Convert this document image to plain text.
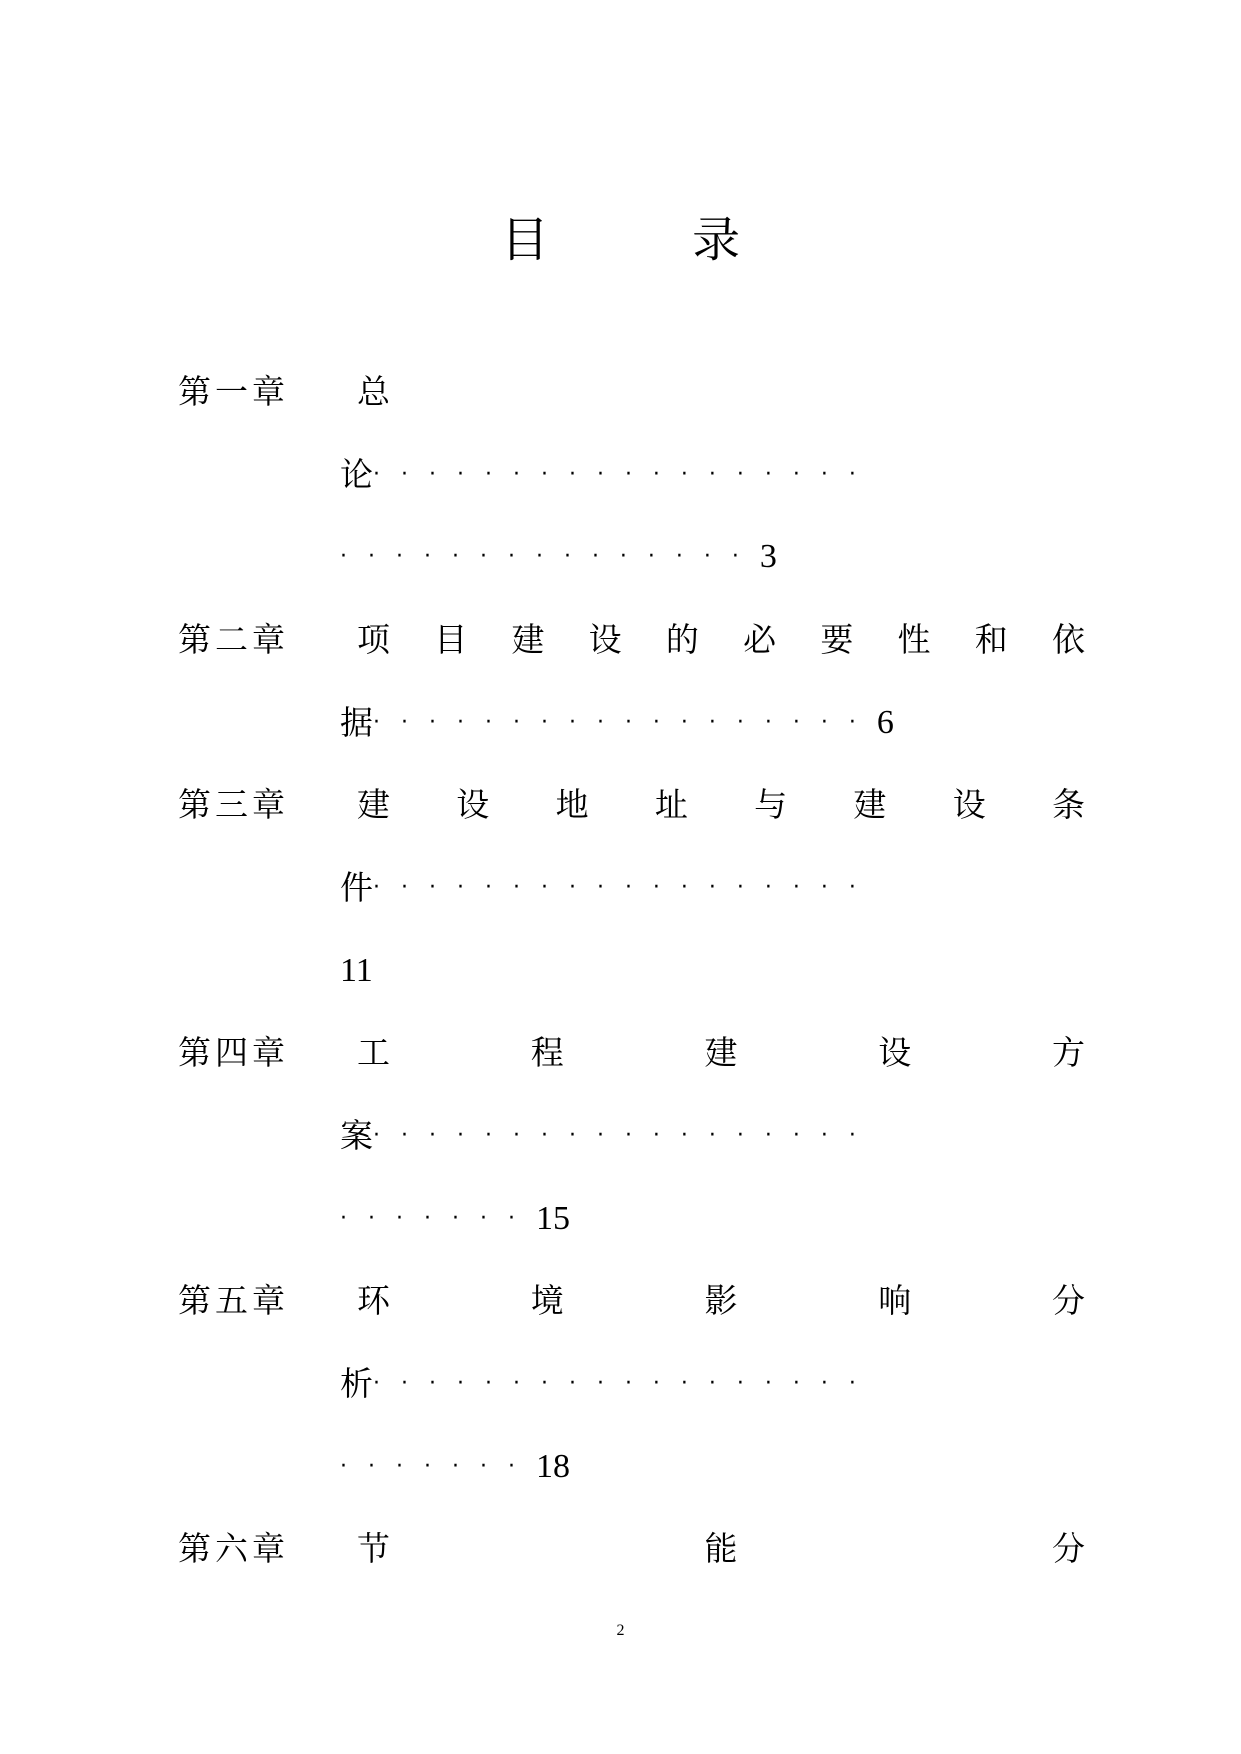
目 录
第一章 总
论 ··················
··············· 3
第二章 项 目 建 设 的 必 要 性 和 依
据 ·················· 6
第三章 建 设 地 址 与 建 设 条
件 ··················
11
第四章 工	程	建	设	方
案 ··················
······· 15
第五章 环	境	影	响	分
析 ··················
······· 18
第六章 节	能	分
2
